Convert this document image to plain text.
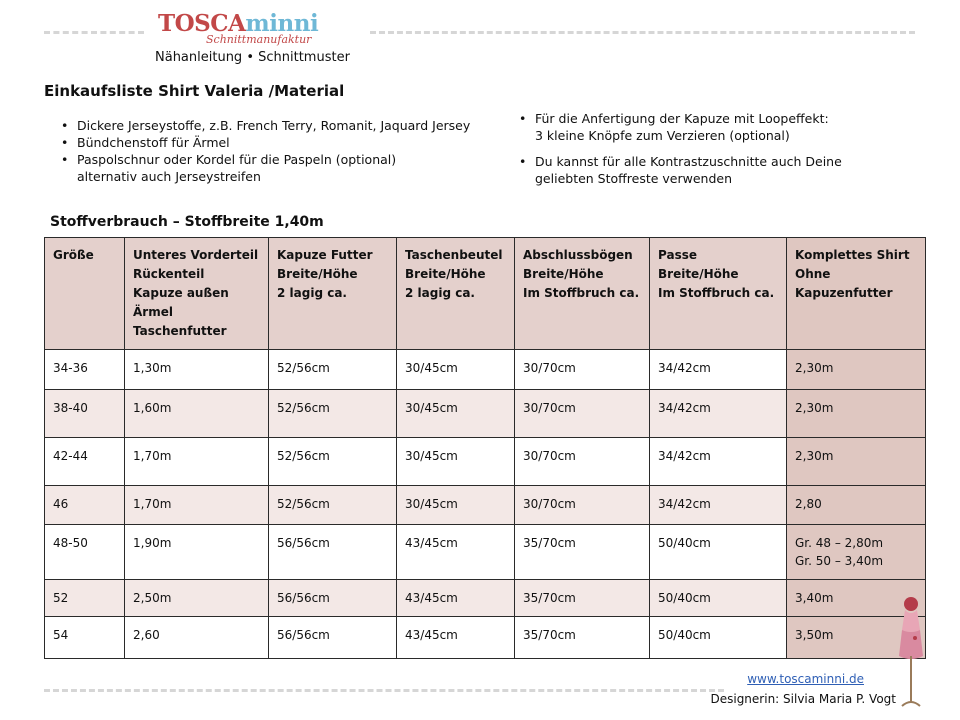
TOSCAminni
Schnittmanufaktur
Nähanleitung • Schnittmuster
Einkaufsliste Shirt Valeria /Material
• Dickere Jerseystoffe, z.B. French Terry, Romanit, Jaquard Jersey
• Bündchenstoff für Ärmel
• Paspolschnur oder Kordel für die Paspeln (optional)
alternativ auch Jerseystreifen
• Für die Anfertigung der Kapuze mit Loopeffekt:
3 kleine Knöpfe zum Verzieren (optional)
• Du kannst für alle Kontrastzuschnitte auch Deine
geliebten Stoffreste verwenden
Stoffverbrauch – Stoffbreite 1,40m
Größe	Unteres Vorderteil
Rückenteil
Kapuze außen
Ärmel
Taschenfutter	Kapuze Futter
Breite/Höhe
2 lagig ca.	Taschenbeutel
Breite/Höhe
2 lagig ca.	Abschlussbögen
Breite/Höhe
Im Stoffbruch ca.	Passe
Breite/Höhe
Im Stoffbruch ca.	Komplettes Shirt
Ohne
Kapuzenfutter

34-36	1,30m	52/56cm	30/45cm	30/70cm	34/42cm	2,30m
38-40	1,60m	52/56cm	30/45cm	30/70cm	34/42cm	2,30m
42-44	1,70m	52/56cm	30/45cm	30/70cm	34/42cm	2,30m
46	1,70m	52/56cm	30/45cm	30/70cm	34/42cm	2,80
48-50	1,90m	56/56cm	43/45cm	35/70cm	50/40cm	Gr. 48 – 2,80m
Gr. 50 – 3,40m

52	2,50m	56/56cm	43/45cm	35/70cm	50/40cm	3,40m
54	2,60	56/56cm	43/45cm	35/70cm	50/40cm	3,50m
www.toscaminni.de
Designerin: Silvia Maria P. Vogt
